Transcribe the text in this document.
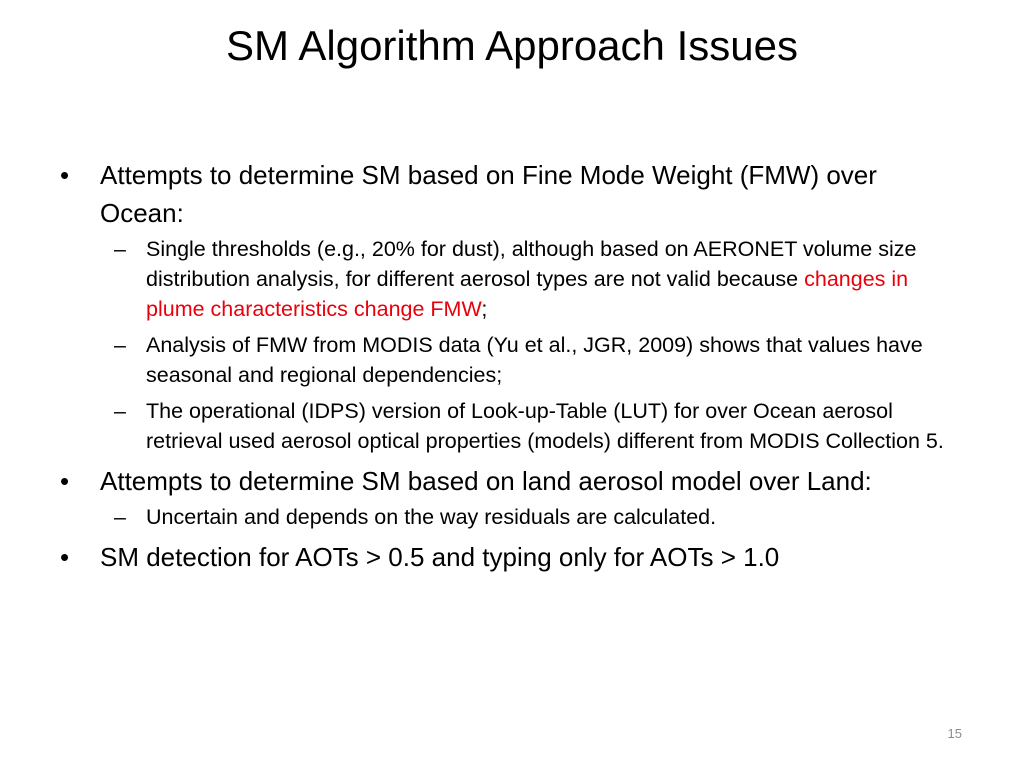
SM Algorithm Approach Issues
• Attempts to determine SM based on Fine Mode Weight (FMW) over Ocean:
– Single thresholds (e.g., 20% for dust), although based on AERONET volume size distribution analysis, for different aerosol types are not valid because changes in plume characteristics change FMW;
– Analysis of FMW from MODIS data (Yu et al., JGR, 2009) shows that values have seasonal and regional dependencies;
– The operational (IDPS) version of Look-up-Table (LUT) for over Ocean aerosol retrieval used aerosol optical properties (models) different from MODIS Collection 5.
• Attempts to determine SM based on land aerosol model over Land:
– Uncertain and depends on the way residuals are calculated.
• SM detection for AOTs > 0.5 and typing only for AOTs > 1.0
15
